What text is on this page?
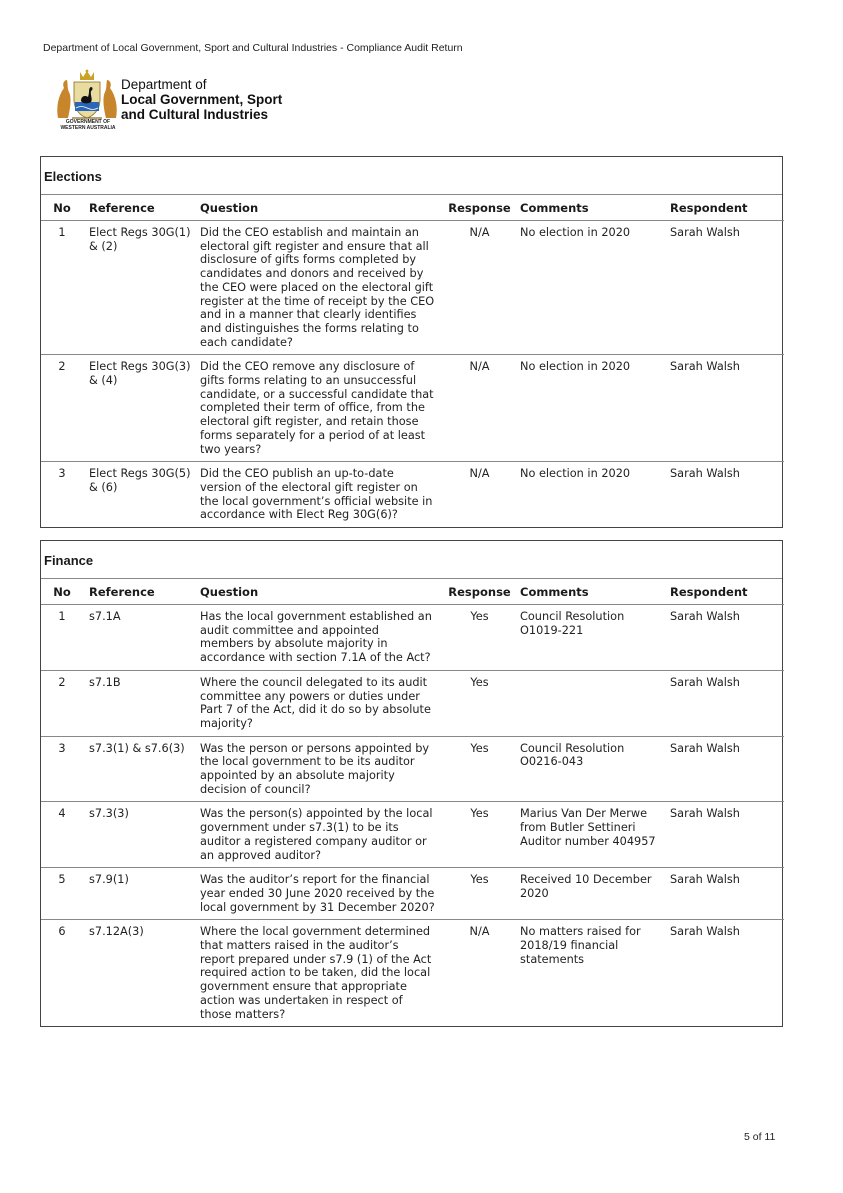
Department of Local Government, Sport and Cultural Industries - Compliance Audit Return
GOVERNMENT OF
WESTERN AUSTRALIA
Department of
Local Government, Sport
and Cultural Industries
Elections
No	Reference	Question	Response	Comments	Respondent
1	Elect Regs 30G(1) & (2)	Did the CEO establish and maintain an electoral gift register and ensure that all disclosure of gifts forms completed by candidates and donors and received by the CEO were placed on the electoral gift register at the time of receipt by the CEO and in a manner that clearly identifies and distinguishes the forms relating to each candidate?	N/A	No election in 2020	Sarah Walsh
2	Elect Regs 30G(3) & (4)	Did the CEO remove any disclosure of gifts forms relating to an unsuccessful candidate, or a successful candidate that completed their term of office, from the electoral gift register, and retain those forms separately for a period of at least two years?	N/A	No election in 2020	Sarah Walsh
3	Elect Regs 30G(5) & (6)	Did the CEO publish an up-to-date version of the electoral gift register on the local government’s official website in accordance with Elect Reg 30G(6)?	N/A	No election in 2020	Sarah Walsh
Finance
No	Reference	Question	Response	Comments	Respondent
1	s7.1A	Has the local government established an audit committee and appointed members by absolute majority in accordance with section 7.1A of the Act?	Yes	Council Resolution O1019-221	Sarah Walsh
2	s7.1B	Where the council delegated to its audit committee any powers or duties under Part 7 of the Act, did it do so by absolute majority?	Yes		Sarah Walsh
3	s7.3(1) & s7.6(3)	Was the person or persons appointed by the local government to be its auditor appointed by an absolute majority decision of council?	Yes	Council Resolution O0216-043	Sarah Walsh
4	s7.3(3)	Was the person(s) appointed by the local government under s7.3(1) to be its auditor a registered company auditor or an approved auditor?	Yes	Marius Van Der Merwe from Butler Settineri Auditor number 404957	Sarah Walsh
5	s7.9(1)	Was the auditor’s report for the financial year ended 30 June 2020 received by the local government by 31 December 2020?	Yes	Received 10 December 2020	Sarah Walsh
6	s7.12A(3)	Where the local government determined that matters raised in the auditor’s report prepared under s7.9 (1) of the Act required action to be taken, did the local government ensure that appropriate action was undertaken in respect of those matters?	N/A	No matters raised for 2018/19 financial statements	Sarah Walsh
5 of 11
